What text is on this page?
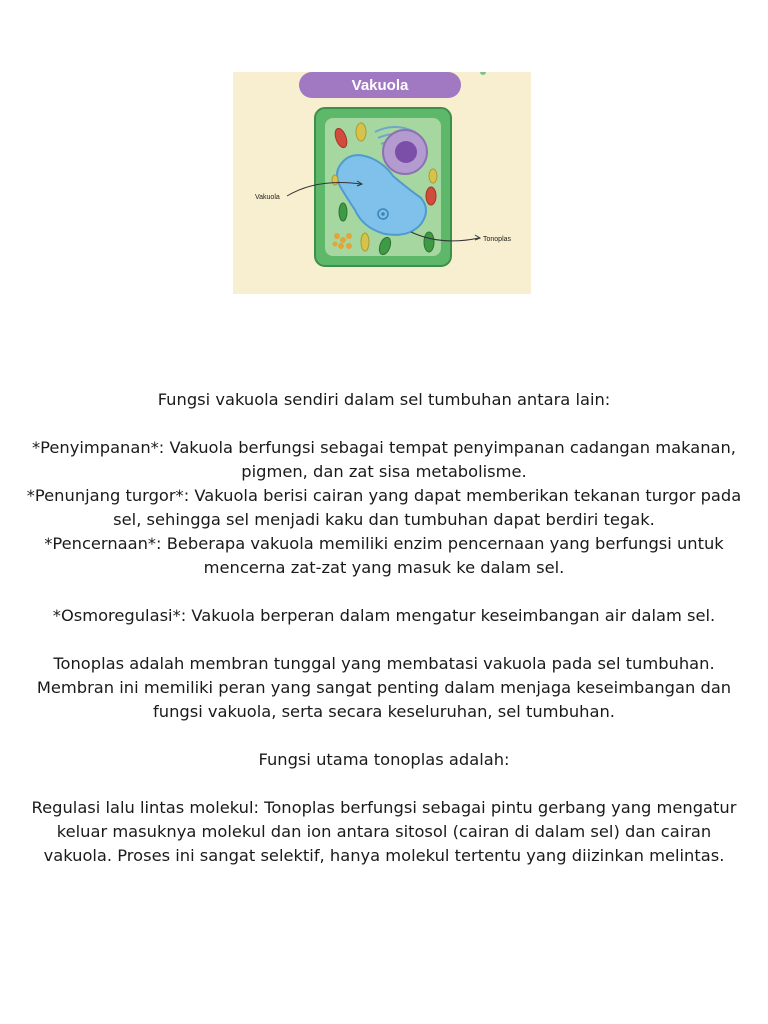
Vakuola
Vakuola
Tonoplas

Fungsi vakuola sendiri dalam sel tumbuhan antara lain:

*Penyimpanan*: Vakuola berfungsi sebagai tempat penyimpanan cadangan makanan, pigmen, dan zat sisa metabolisme.

*Penunjang turgor*: Vakuola berisi cairan yang dapat memberikan tekanan turgor pada sel, sehingga sel menjadi kaku dan tumbuhan dapat berdiri tegak.

*Pencernaan*: Beberapa vakuola memiliki enzim pencernaan yang berfungsi untuk mencerna zat-zat yang masuk ke dalam sel.

*Osmoregulasi*: Vakuola berperan dalam mengatur keseimbangan air dalam sel.

Tonoplas adalah membran tunggal yang membatasi vakuola pada sel tumbuhan. Membran ini memiliki peran yang sangat penting dalam menjaga keseimbangan dan fungsi vakuola, serta secara keseluruhan, sel tumbuhan.

Fungsi utama tonoplas adalah:

Regulasi lalu lintas molekul: Tonoplas berfungsi sebagai pintu gerbang yang mengatur keluar masuknya molekul dan ion antara sitosol (cairan di dalam sel) dan cairan vakuola. Proses ini sangat selektif, hanya molekul tertentu yang diizinkan melintas.
